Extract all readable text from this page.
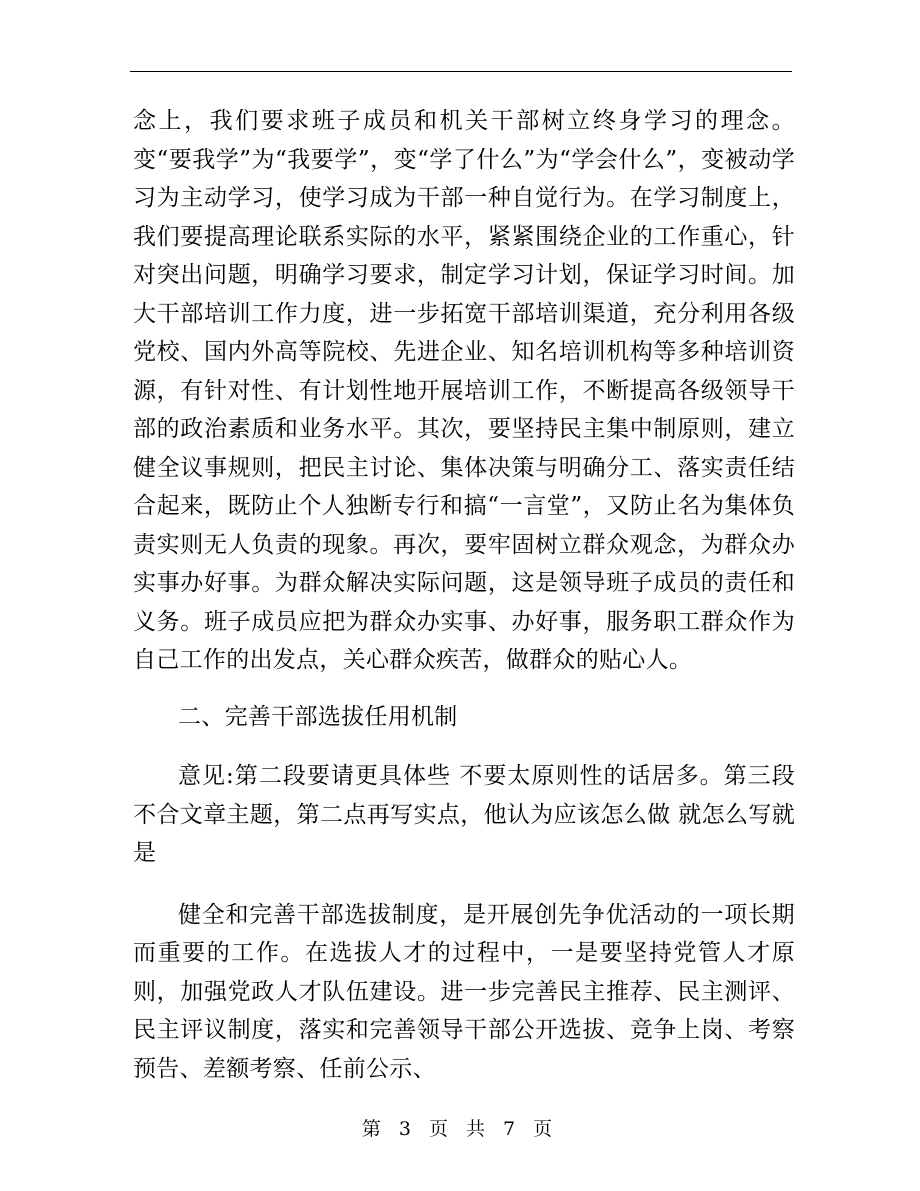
念上，我们要求班子成员和机关干部树立终身学习的理念。变“要我学”为“我要学”，变“学了什么”为“学会什么”，变被动学习为主动学习，使学习成为干部一种自觉行为。在学习制度上，我们要提高理论联系实际的水平，紧紧围绕企业的工作重心，针对突出问题，明确学习要求，制定学习计划，保证学习时间。加大干部培训工作力度，进一步拓宽干部培训渠道，充分利用各级党校、国内外高等院校、先进企业、知名培训机构等多种培训资源，有针对性、有计划性地开展培训工作，不断提高各级领导干部的政治素质和业务水平。其次，要坚持民主集中制原则，建立健全议事规则，把民主讨论、集体决策与明确分工、落实责任结合起来，既防止个人独断专行和搞“一言堂”，又防止名为集体负责实则无人负责的现象。再次，要牢固树立群众观念，为群众办实事办好事。为群众解决实际问题，这是领导班子成员的责任和义务。班子成员应把为群众办实事、办好事，服务职工群众作为自己工作的出发点，关心群众疾苦，做群众的贴心人。

二、完善干部选拔任用机制

意见:第二段要请更具体些 不要太原则性的话居多。第三段不合文章主题，第二点再写实点，他认为应该怎么做 就怎么写就是

健全和完善干部选拔制度，是开展创先争优活动的一项长期而重要的工作。在选拔人才的过程中，一是要坚持党管人才原则，加强党政人才队伍建设。进一步完善民主推荐、民主测评、民主评议制度，落实和完善领导干部公开选拔、竞争上岗、考察预告、差额考察、任前公示、

第 3 页 共 7 页
